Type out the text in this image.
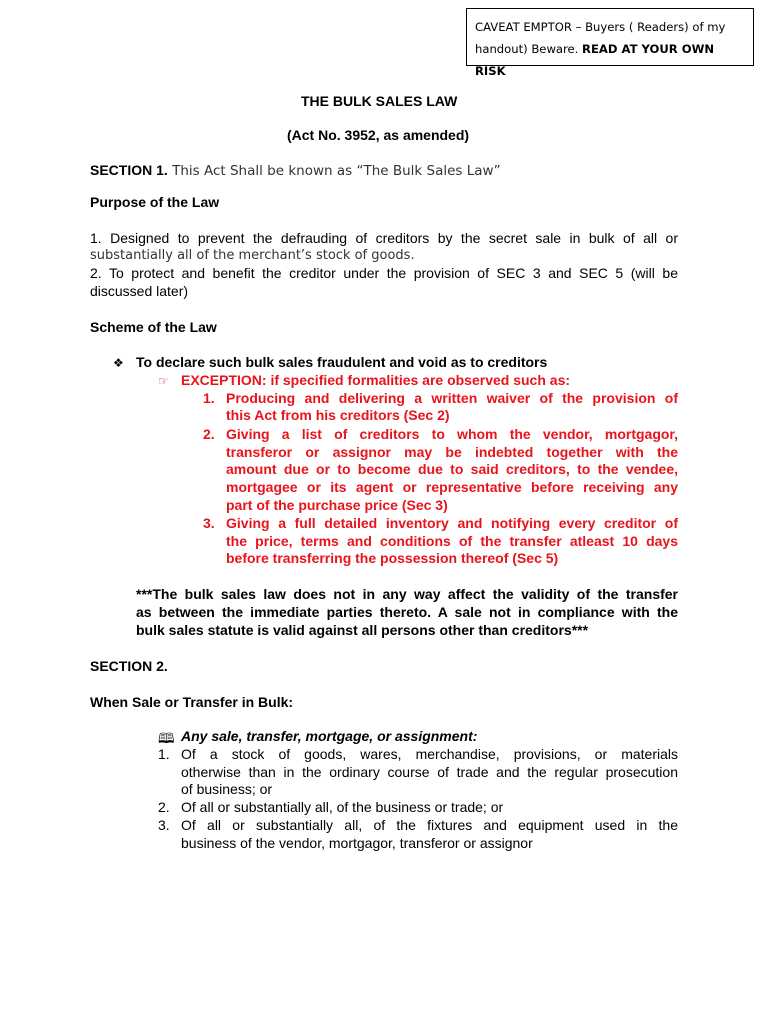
CAVEAT EMPTOR – Buyers ( Readers) of my
handout) Beware. READ AT YOUR OWN RISK
THE BULK SALES LAW
(Act No. 3952, as amended)
SECTION 1. This Act Shall be known as “The Bulk Sales Law”
Purpose of the Law
1. Designed to prevent the defrauding of creditors by the secret sale in bulk of all or
substantially all of the merchant’s stock of goods.
2. To protect and benefit the creditor under the provision of SEC 3 and SEC 5 (will be
discussed later)
Scheme of the Law
❖ To declare such bulk sales fraudulent and void as to creditors
☞ EXCEPTION: if specified formalities are observed such as:
1. Producing and delivering a written waiver of the provision of
this Act from his creditors (Sec 2)
2. Giving a list of creditors to whom the vendor, mortgagor,
transferor or assignor may be indebted together with the
amount due or to become due to said creditors, to the vendee,
mortgagee or its agent or representative before receiving any
part of the purchase price (Sec 3)
3. Giving a full detailed inventory and notifying every creditor of
the price, terms and conditions of the transfer atleast 10 days
before transferring the possession thereof (Sec 5)
***The bulk sales law does not in any way affect the validity of the transfer
as between the immediate parties thereto. A sale not in compliance with the
bulk sales statute is valid against all persons other than creditors***
SECTION 2.
When Sale or Transfer in Bulk:
🕮 Any sale, transfer, mortgage, or assignment:
1. Of a stock of goods, wares, merchandise, provisions, or materials
otherwise than in the ordinary course of trade and the regular prosecution
of business; or
2. Of all or substantially all, of the business or trade; or
3. Of all or substantially all, of the fixtures and equipment used in the
business of the vendor, mortgagor, transferor or assignor
